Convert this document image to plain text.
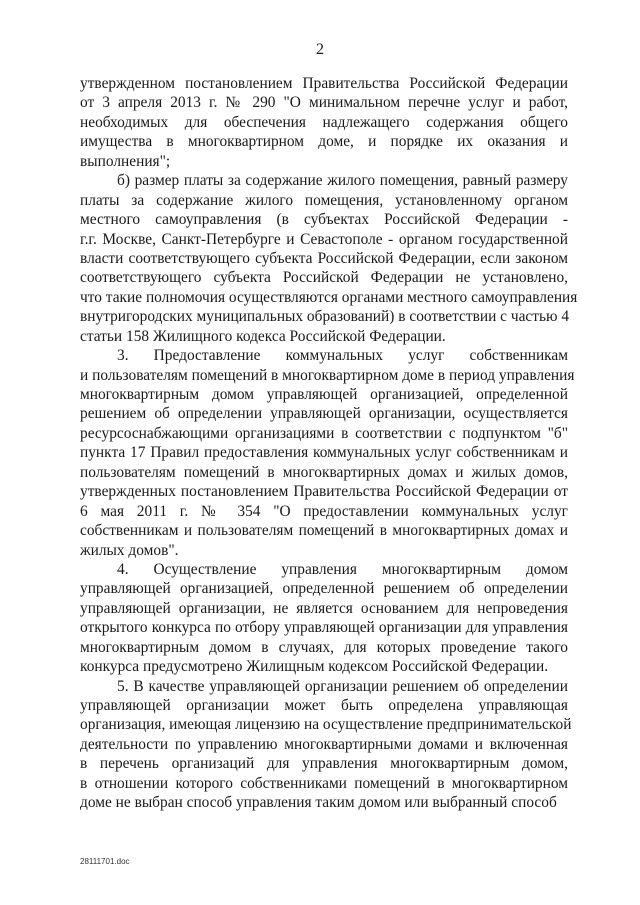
2
утвержденном постановлением Правительства Российской Федерации
от 3 апреля 2013 г. № 290 "О минимальном перечне услуг и работ,
необходимых для обеспечения надлежащего содержания общего
имущества в многоквартирном доме, и порядке их оказания и
выполнения";
б) размер платы за содержание жилого помещения, равный размеру
платы за содержание жилого помещения, установленному органом
местного самоуправления (в субъектах Российской Федерации -
г.г. Москве, Санкт-Петербурге и Севастополе - органом государственной
власти соответствующего субъекта Российской Федерации, если законом
соответствующего субъекта Российской Федерации не установлено,
что такие полномочия осуществляются органами местного самоуправления
внутригородских муниципальных образований) в соответствии с частью 4
статьи 158 Жилищного кодекса Российской Федерации.
3. Предоставление коммунальных услуг собственникам
и пользователям помещений в многоквартирном доме в период управления
многоквартирным домом управляющей организацией, определенной
решением об определении управляющей организации, осуществляется
ресурсоснабжающими организациями в соответствии с подпунктом "б"
пункта 17 Правил предоставления коммунальных услуг собственникам и
пользователям помещений в многоквартирных домах и жилых домов,
утвержденных постановлением Правительства Российской Федерации от
6 мая 2011 г. № 354 "О предоставлении коммунальных услуг
собственникам и пользователям помещений в многоквартирных домах и
жилых домов".
4. Осуществление управления многоквартирным домом
управляющей организацией, определенной решением об определении
управляющей организации, не является основанием для непроведения
открытого конкурса по отбору управляющей организации для управления
многоквартирным домом в случаях, для которых проведение такого
конкурса предусмотрено Жилищным кодексом Российской Федерации.
5. В качестве управляющей организации решением об определении
управляющей организации может быть определена управляющая
организация, имеющая лицензию на осуществление предпринимательской
деятельности по управлению многоквартирными домами и включенная
в перечень организаций для управления многоквартирным домом,
в отношении которого собственниками помещений в многоквартирном
доме не выбран способ управления таким домом или выбранный способ
28111701.doc
